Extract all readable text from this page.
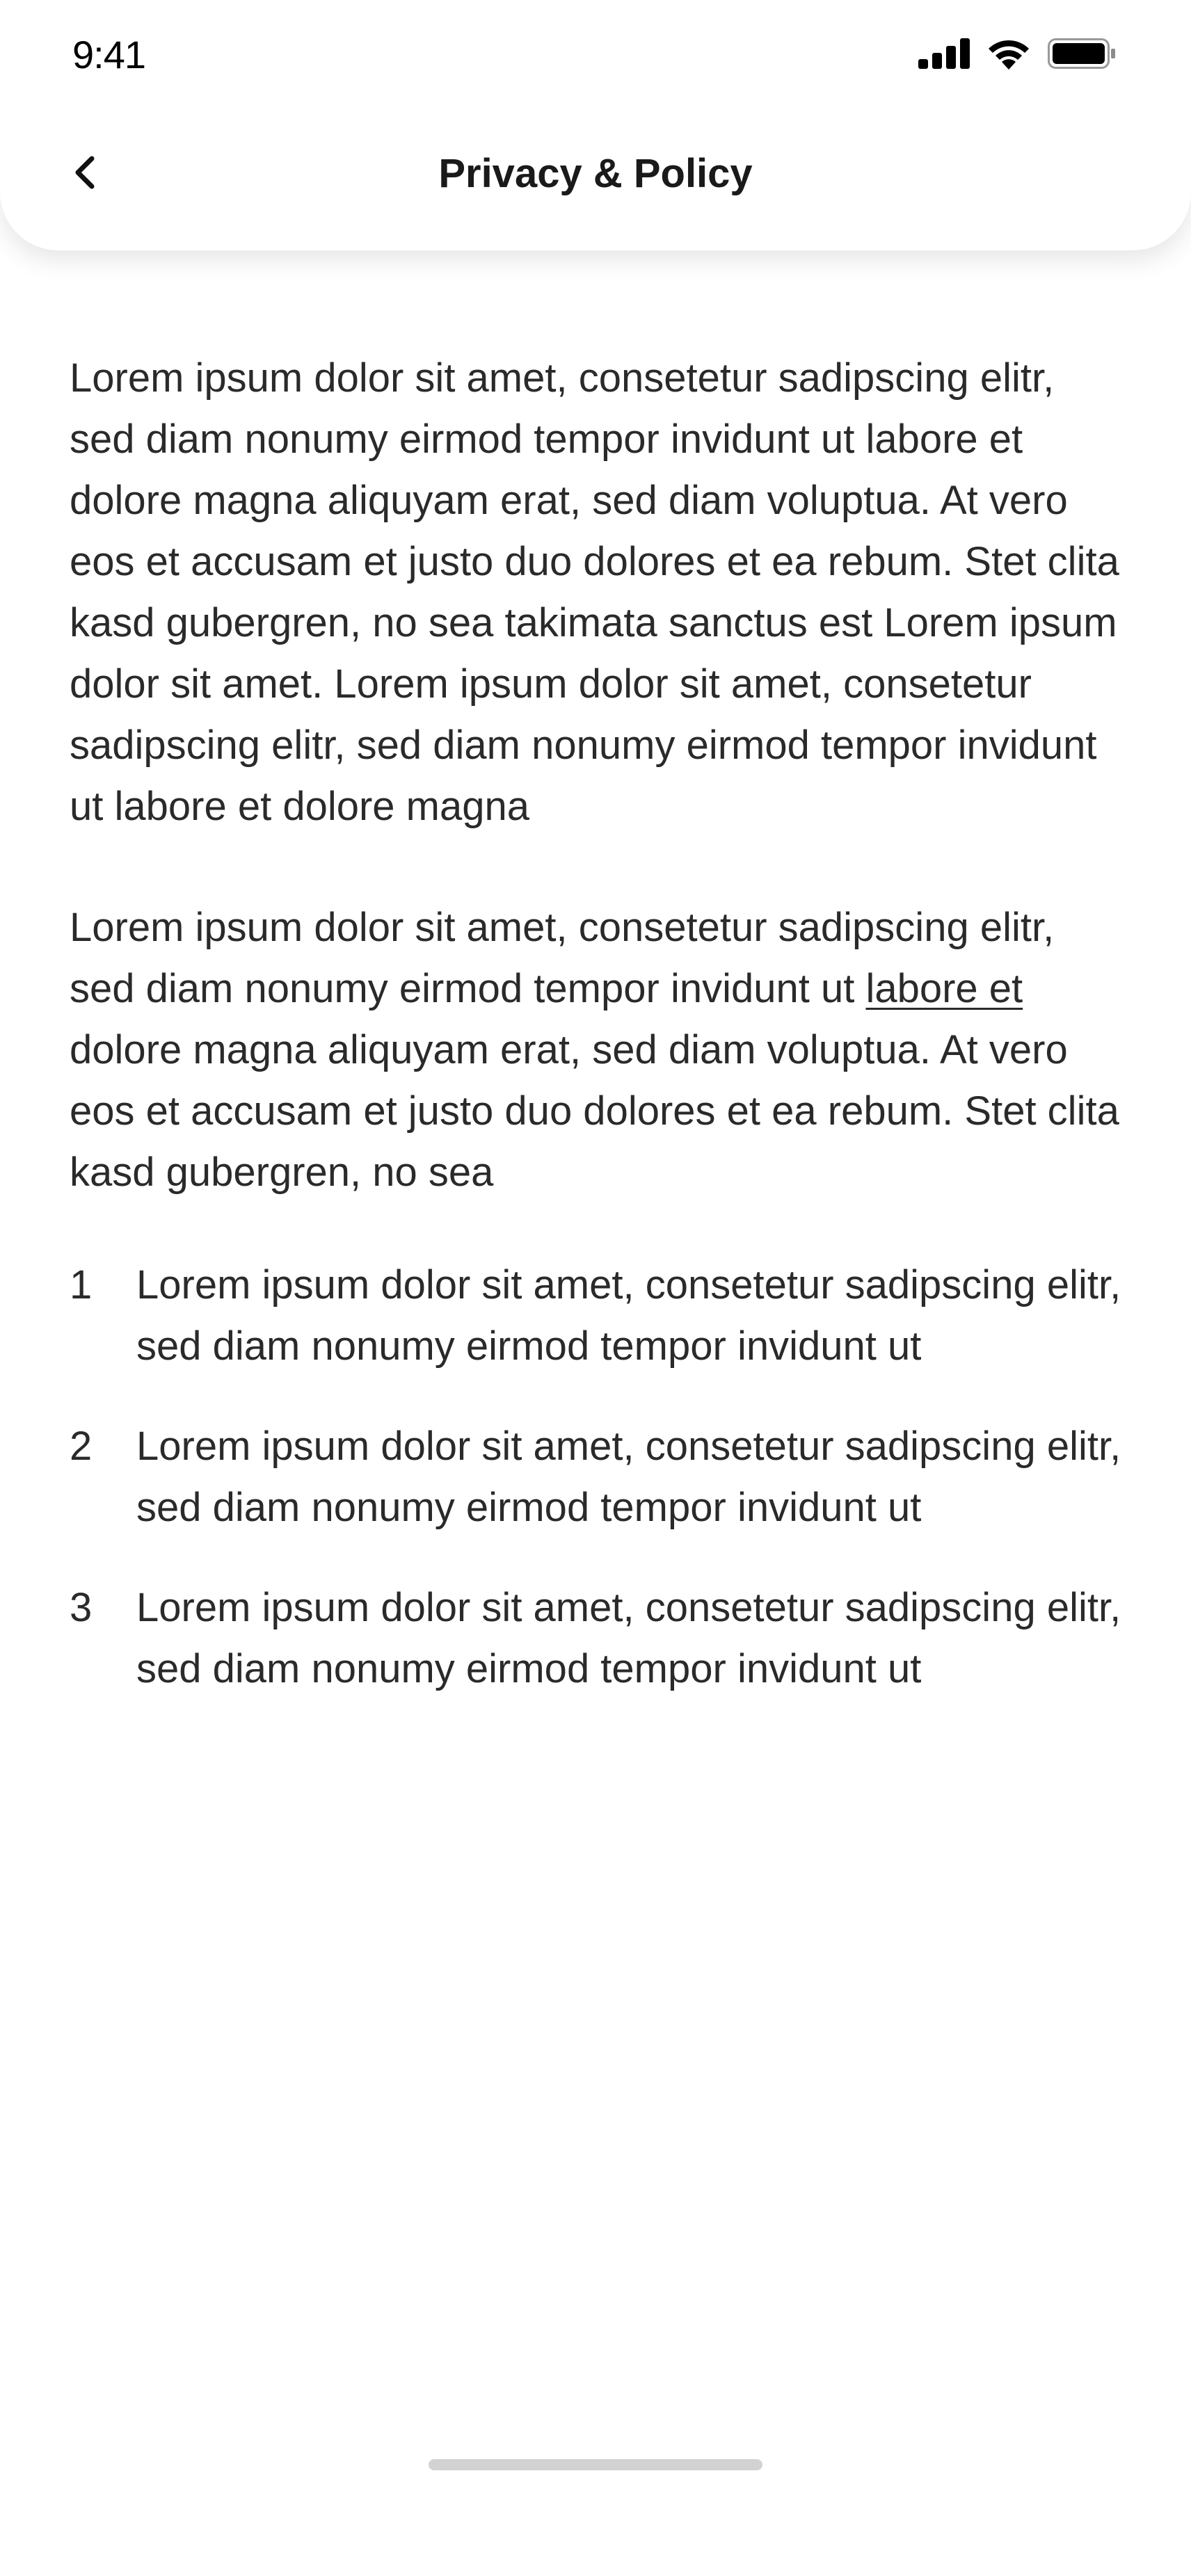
9:41
Privacy & Policy

Lorem ipsum dolor sit amet, consetetur sadipscing elitr, sed diam nonumy eirmod tempor invidunt ut labore et dolore magna aliquyam erat, sed diam voluptua. At vero eos et accusam et justo duo dolores et ea rebum. Stet clita kasd gubergren, no sea takimata sanctus est Lorem ipsum dolor sit amet. Lorem ipsum dolor sit amet, consetetur sadipscing elitr, sed diam nonumy eirmod tempor invidunt ut labore et dolore magna

Lorem ipsum dolor sit amet, consetetur sadipscing elitr, sed diam nonumy eirmod tempor invidunt ut labore et dolore magna aliquyam erat, sed diam voluptua. At vero eos et accusam et justo duo dolores et ea rebum. Stet clita kasd gubergren, no sea

1	Lorem ipsum dolor sit amet, consetetur sadipscing elitr, sed diam nonumy eirmod tempor invidunt ut
2	Lorem ipsum dolor sit amet, consetetur sadipscing elitr, sed diam nonumy eirmod tempor invidunt ut
3	Lorem ipsum dolor sit amet, consetetur sadipscing elitr, sed diam nonumy eirmod tempor invidunt ut
